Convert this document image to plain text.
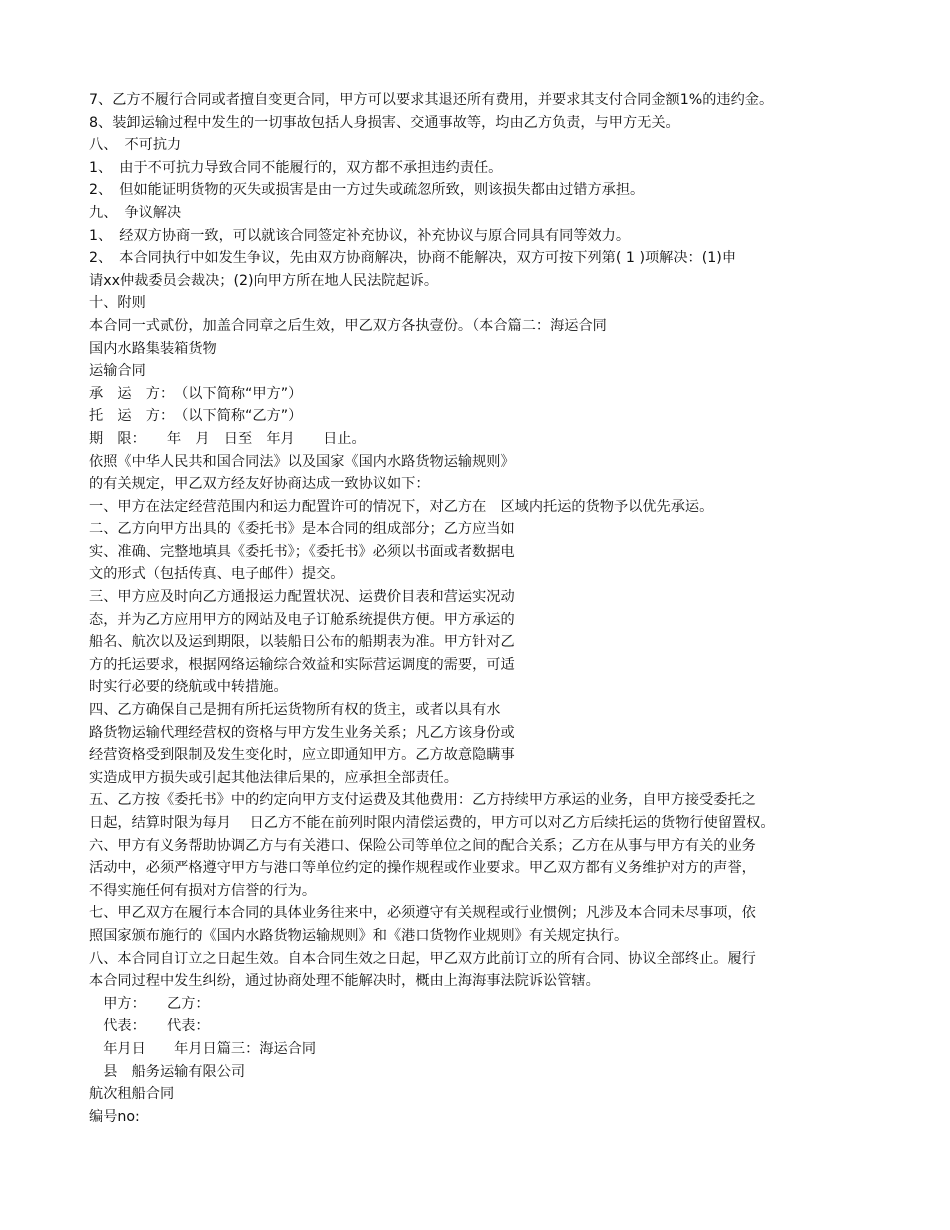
7、乙方不履行合同或者擅自变更合同，甲方可以要求其退还所有费用，并要求其支付合同金额1%的违约金。
8、装卸运输过程中发生的一切事故包括人身损害、交通事故等，均由乙方负责，与甲方无关。
八、　不可抗力
1、　由于不可抗力导致合同不能履行的，双方都不承担违约责任。
2、　但如能证明货物的灭失或损害是由一方过失或疏忽所致，则该损失都由过错方承担。
九、　争议解决
1、　经双方协商一致，可以就该合同签定补充协议，补充协议与原合同具有同等效力。
2、　本合同执行中如发生争议，先由双方协商解决，协商不能解决，双方可按下列第( 1 )项解决：(1)申
请xx仲裁委员会裁决；(2)向甲方所在地人民法院起诉。
十、附则
本合同一式贰份，加盖合同章之后生效，甲乙双方各执壹份。（本合篇二：海运合同
国内水路集装箱货物
运输合同
承　运　方：　（以下简称“甲方”）
托　运　方：　（以下简称“乙方”）
期　限：　　年　月　日至　年月　　日止。
依照《中华人民共和国合同法》以及国家《国内水路货物运输规则》
的有关规定，甲乙双方经友好协商达成一致协议如下：
一、甲方在法定经营范围内和运力配置许可的情况下，对乙方在　区域内托运的货物予以优先承运。
二、乙方向甲方出具的《委托书》是本合同的组成部分；乙方应当如
实、准确、完整地填具《委托书》；《委托书》必须以书面或者数据电
文的形式（包括传真、电子邮件）提交。
三、甲方应及时向乙方通报运力配置状况、运费价目表和营运实况动
态，并为乙方应用甲方的网站及电子订舱系统提供方便。甲方承运的
船名、航次以及运到期限，以装船日公布的船期表为准。甲方针对乙
方的托运要求，根据网络运输综合效益和实际营运调度的需要，可适
时实行必要的绕航或中转措施。
四、乙方确保自己是拥有所托运货物所有权的货主，或者以具有水
路货物运输代理经营权的资格与甲方发生业务关系；凡乙方该身份或
经营资格受到限制及发生变化时，应立即通知甲方。乙方故意隐瞒事
实造成甲方损失或引起其他法律后果的，应承担全部责任。
五、乙方按《委托书》中的约定向甲方支付运费及其他费用：乙方持续甲方承运的业务，自甲方接受委托之
日起，结算时限为每月　 日乙方不能在前列时限内清偿运费的，甲方可以对乙方后续托运的货物行使留置权。
六、甲方有义务帮助协调乙方与有关港口、保险公司等单位之间的配合关系；乙方在从事与甲方有关的业务
活动中，必须严格遵守甲方与港口等单位约定的操作规程或作业要求。甲乙双方都有义务维护对方的声誉，
不得实施任何有损对方信誉的行为。
七、甲乙双方在履行本合同的具体业务往来中，必须遵守有关规程或行业惯例；凡涉及本合同未尽事项，依
照国家颁布施行的《国内水路货物运输规则》和《港口货物作业规则》有关规定执行。
八、本合同自订立之日起生效。自本合同生效之日起，甲乙双方此前订立的所有合同、协议全部终止。履行
本合同过程中发生纠纷，通过协商处理不能解决时，概由上海海事法院诉讼管辖。
　甲方：　　乙方：
　代表：　　代表：
　年月日　　年月日篇三：海运合同
　县　船务运输有限公司
航次租船合同
编号no:
